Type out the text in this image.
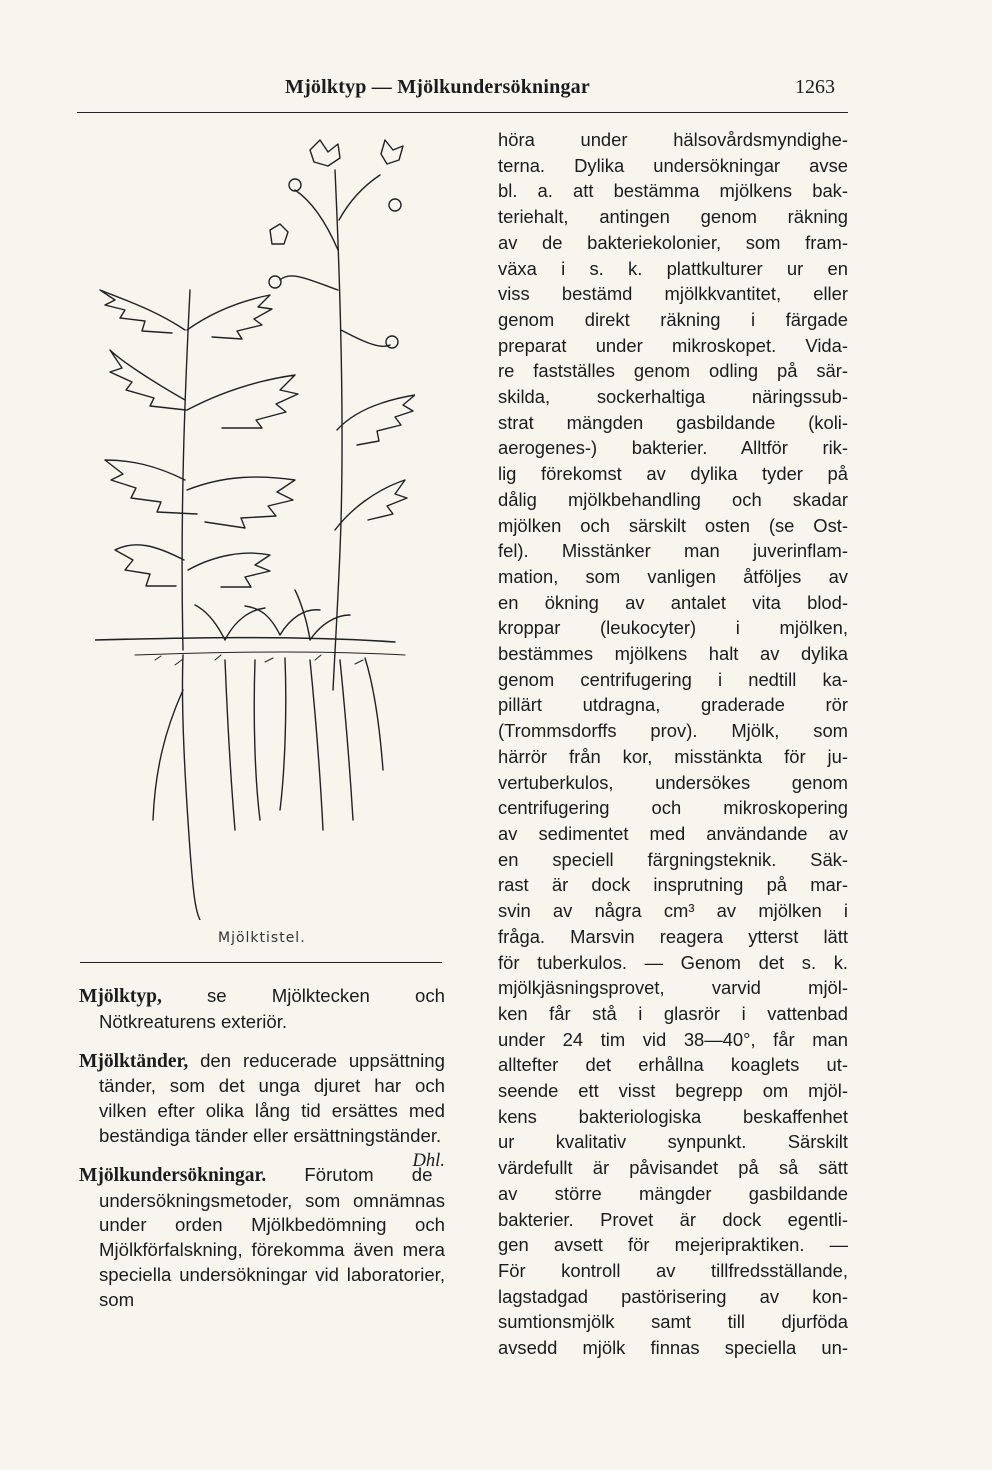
Mjölktyp — Mjölkundersökningar	1263
Mjölktistel.

Mjölktyp, se Mjölktecken och Nötkreaturens exteriör.

Mjölktänder, den reducerade uppsättning tänder, som det unga djuret har och vilken efter olika lång tid ersättes med beständiga tänder eller ersättningständer.
Dhl.

Mjölkundersökningar. Förutom de undersökningsmetoder, som omnämnas under orden Mjölkbedömning och Mjölkförfalskning, förekomma även mera speciella undersökningar vid laboratorier, som

höra under hälsovårdsmyndighe-
terna. Dylika undersökningar avse
bl. a. att bestämma mjölkens bak-
teriehalt, antingen genom räkning
av de bakteriekolonier, som fram-
växa i s. k. plattkulturer ur en
viss bestämd mjölkkvantitet, eller
genom direkt räkning i färgade
preparat under mikroskopet. Vida-
re fastställes genom odling på sär-
skilda, sockerhaltiga näringssub-
strat mängden gasbildande (koli-
aerogenes-) bakterier. Alltför rik-
lig förekomst av dylika tyder på
dålig mjölkbehandling och skadar
mjölken och särskilt osten (se Ost-
fel). Misstänker man juverinflam-
mation, som vanligen åtföljes av
en ökning av antalet vita blod-
kroppar (leukocyter) i mjölken,
bestämmes mjölkens halt av dylika
genom centrifugering i nedtill ka-
pillärt utdragna, graderade rör
(Trommsdorffs prov). Mjölk, som
härrör från kor, misstänkta för ju-
vertuberkulos, undersökes genom
centrifugering och mikroskopering
av sedimentet med användande av
en speciell färgningsteknik. Säk-
rast är dock insprutning på mar-
svin av några cm³ av mjölken i
fråga. Marsvin reagera ytterst lätt
för tuberkulos. — Genom det s. k.
mjölkjäsningsprovet, varvid mjöl-
ken får stå i glasrör i vattenbad
under 24 tim vid 38—40°, får man
alltefter det erhållna koaglets ut-
seende ett visst begrepp om mjöl-
kens bakteriologiska beskaffenhet
ur kvalitativ synpunkt. Särskilt
värdefullt är påvisandet på så sätt
av större mängder gasbildande
bakterier. Provet är dock egentli-
gen avsett för mejeripraktiken. —
För kontroll av tillfredsställande,
lagstadgad pastörisering av kon-
sumtionsmjölk samt till djurföda
avsedd mjölk finnas speciella un-
